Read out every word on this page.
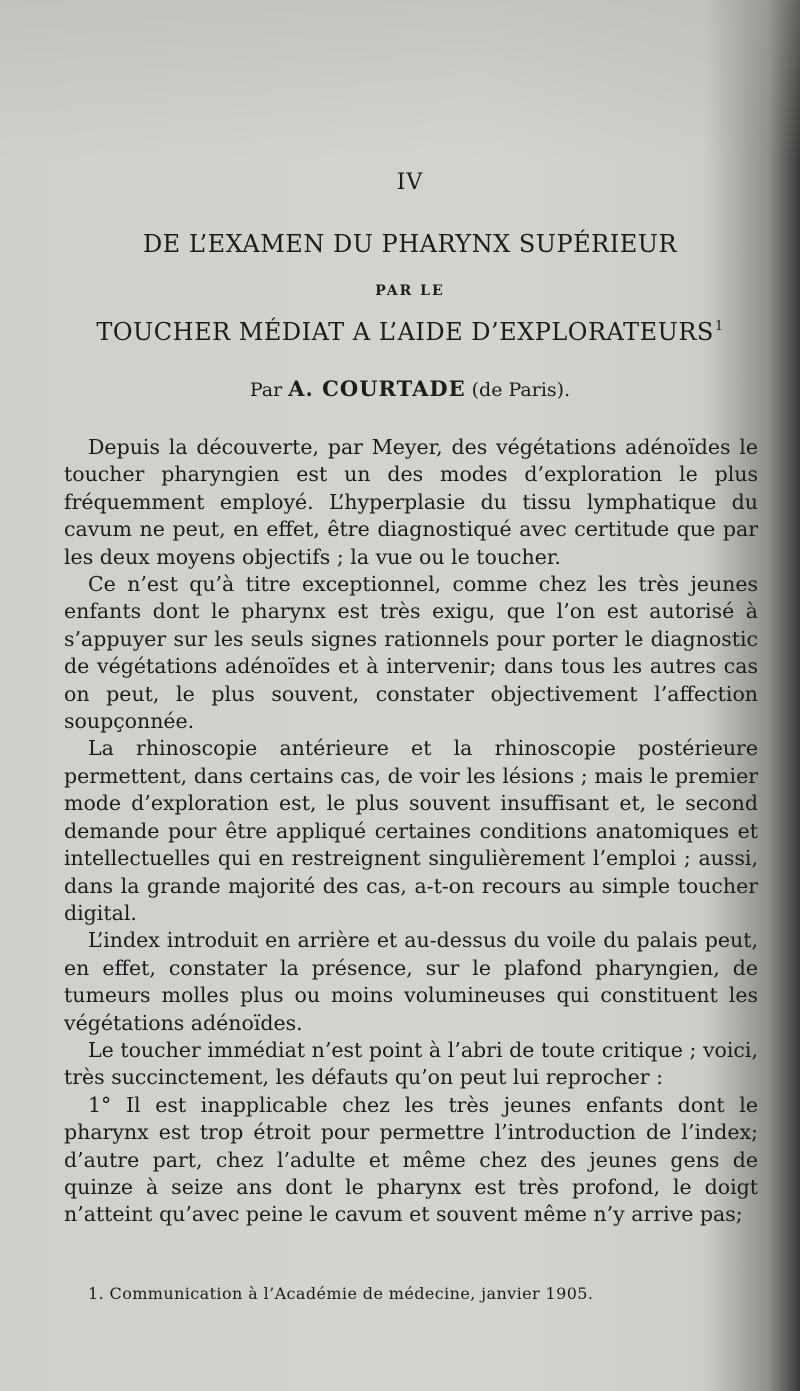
IV
DE L’EXAMEN DU PHARYNX SUPÉRIEUR
PAR LE
TOUCHER MÉDIAT A L’AIDE D’EXPLORATEURS$^1$
Par A. COURTADE (de Paris).

Depuis la découverte, par Meyer, des végétations adénoïdes le toucher pharyngien est un des modes d’exploration le plus fréquemment employé. L’hyperplasie du tissu lymphatique du cavum ne peut, en effet, être diagnostiqué avec certitude que par les deux moyens objectifs ; la vue ou le toucher.

Ce n’est qu’à titre exceptionnel, comme chez les très jeunes enfants dont le pharynx est très exigu, que l’on est autorisé à s’appuyer sur les seuls signes rationnels pour porter le diagnostic de végétations adénoïdes et à intervenir; dans tous les autres cas on peut, le plus souvent, constater objectivement l’affection soupçonnée.

La rhinoscopie antérieure et la rhinoscopie postérieure permettent, dans certains cas, de voir les lésions ; mais le premier mode d’exploration est, le plus souvent insuffisant et, le second demande pour être appliqué certaines conditions anatomiques et intellectuelles qui en restreignent singulièrement l’emploi ; aussi, dans la grande majorité des cas, a-t-on recours au simple toucher digital.

L’index introduit en arrière et au-dessus du voile du palais peut, en effet, constater la présence, sur le plafond pharyngien, de tumeurs molles plus ou moins volumineuses qui constituent les végétations adénoïdes.

Le toucher immédiat n’est point à l’abri de toute critique ; voici, très succinctement, les défauts qu’on peut lui reprocher :

1° Il est inapplicable chez les très jeunes enfants dont le pharynx est trop étroit pour permettre l’introduction de l’index; d’autre part, chez l’adulte et même chez des jeunes gens de quinze à seize ans dont le pharynx est très profond, le doigt n’atteint qu’avec peine le cavum et souvent même n’y arrive pas;

1. Communication à l’Académie de médecine, janvier 1905.
